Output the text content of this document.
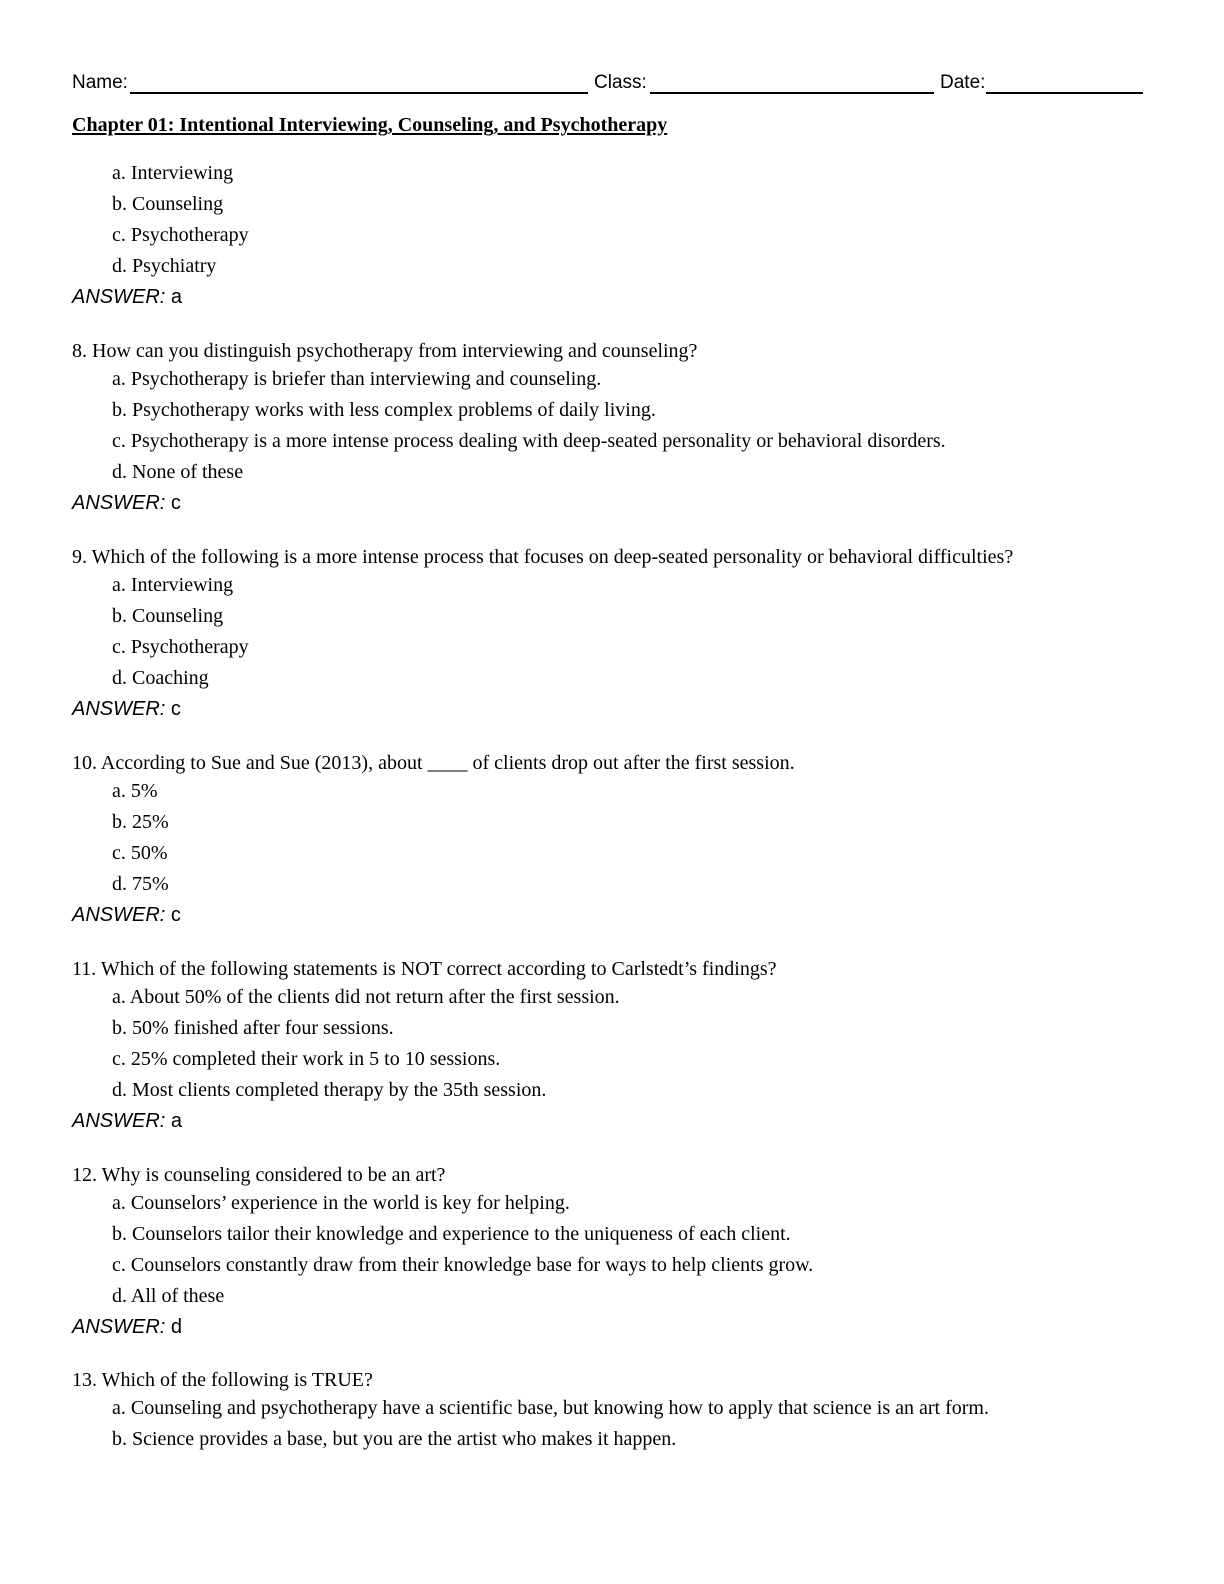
Name:	Class:	Date:
Chapter 01: Intentional Interviewing, Counseling, and Psychotherapy
a. Interviewing
b. Counseling
c. Psychotherapy
d. Psychiatry
ANSWER: a
8. How can you distinguish psychotherapy from interviewing and counseling?
a. Psychotherapy is briefer than interviewing and counseling.
b. Psychotherapy works with less complex problems of daily living.
c. Psychotherapy is a more intense process dealing with deep-seated personality or behavioral disorders.
d. None of these
ANSWER: c
9. Which of the following is a more intense process that focuses on deep-seated personality or behavioral difficulties?
a. Interviewing
b. Counseling
c. Psychotherapy
d. Coaching
ANSWER: c
10. According to Sue and Sue (2013), about ____ of clients drop out after the first session.
a. 5%
b. 25%
c. 50%
d. 75%
ANSWER: c
11. Which of the following statements is NOT correct according to Carlstedt’s findings?
a. About 50% of the clients did not return after the first session.
b. 50% finished after four sessions.
c. 25% completed their work in 5 to 10 sessions.
d. Most clients completed therapy by the 35th session.
ANSWER: a
12. Why is counseling considered to be an art?
a. Counselors’ experience in the world is key for helping.
b. Counselors tailor their knowledge and experience to the uniqueness of each client.
c. Counselors constantly draw from their knowledge base for ways to help clients grow.
d. All of these
ANSWER: d
13. Which of the following is TRUE?
a. Counseling and psychotherapy have a scientific base, but knowing how to apply that science is an art form.
b. Science provides a base, but you are the artist who makes it happen.
